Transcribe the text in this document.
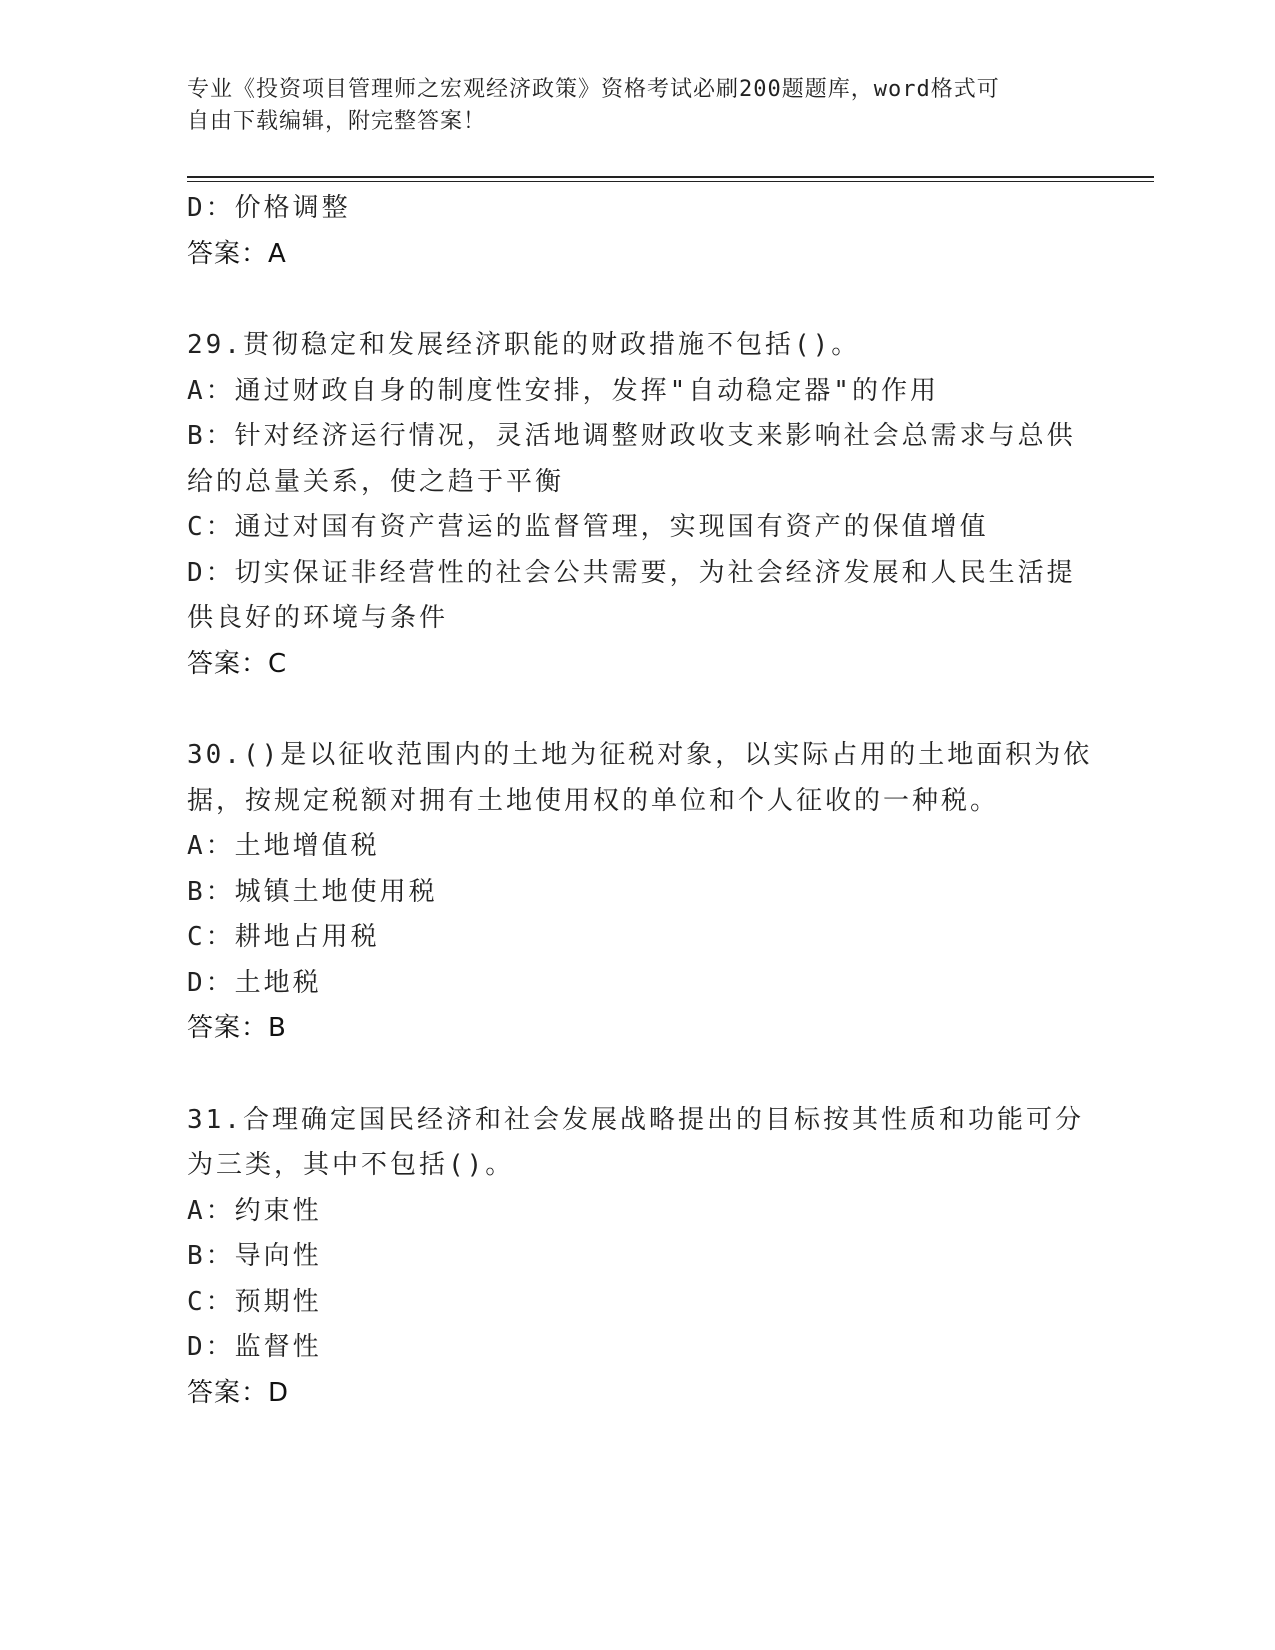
专业《投资项目管理师之宏观经济政策》资格考试必刷200题题库，word格式可
自由下载编辑，附完整答案！
D：价格调整
答案：A
29.贯彻稳定和发展经济职能的财政措施不包括()。
A：通过财政自身的制度性安排，发挥"自动稳定器"的作用
B：针对经济运行情况，灵活地调整财政收支来影响社会总需求与总供
给的总量关系，使之趋于平衡
C：通过对国有资产营运的监督管理，实现国有资产的保值增值
D：切实保证非经营性的社会公共需要，为社会经济发展和人民生活提
供良好的环境与条件
答案：C
30.()是以征收范围内的土地为征税对象，以实际占用的土地面积为依
据，按规定税额对拥有土地使用权的单位和个人征收的一种税。
A：土地增值税
B：城镇土地使用税
C：耕地占用税
D：土地税
答案：B
31.合理确定国民经济和社会发展战略提出的目标按其性质和功能可分
为三类，其中不包括()。
A：约束性
B：导向性
C：预期性
D：监督性
答案：D
